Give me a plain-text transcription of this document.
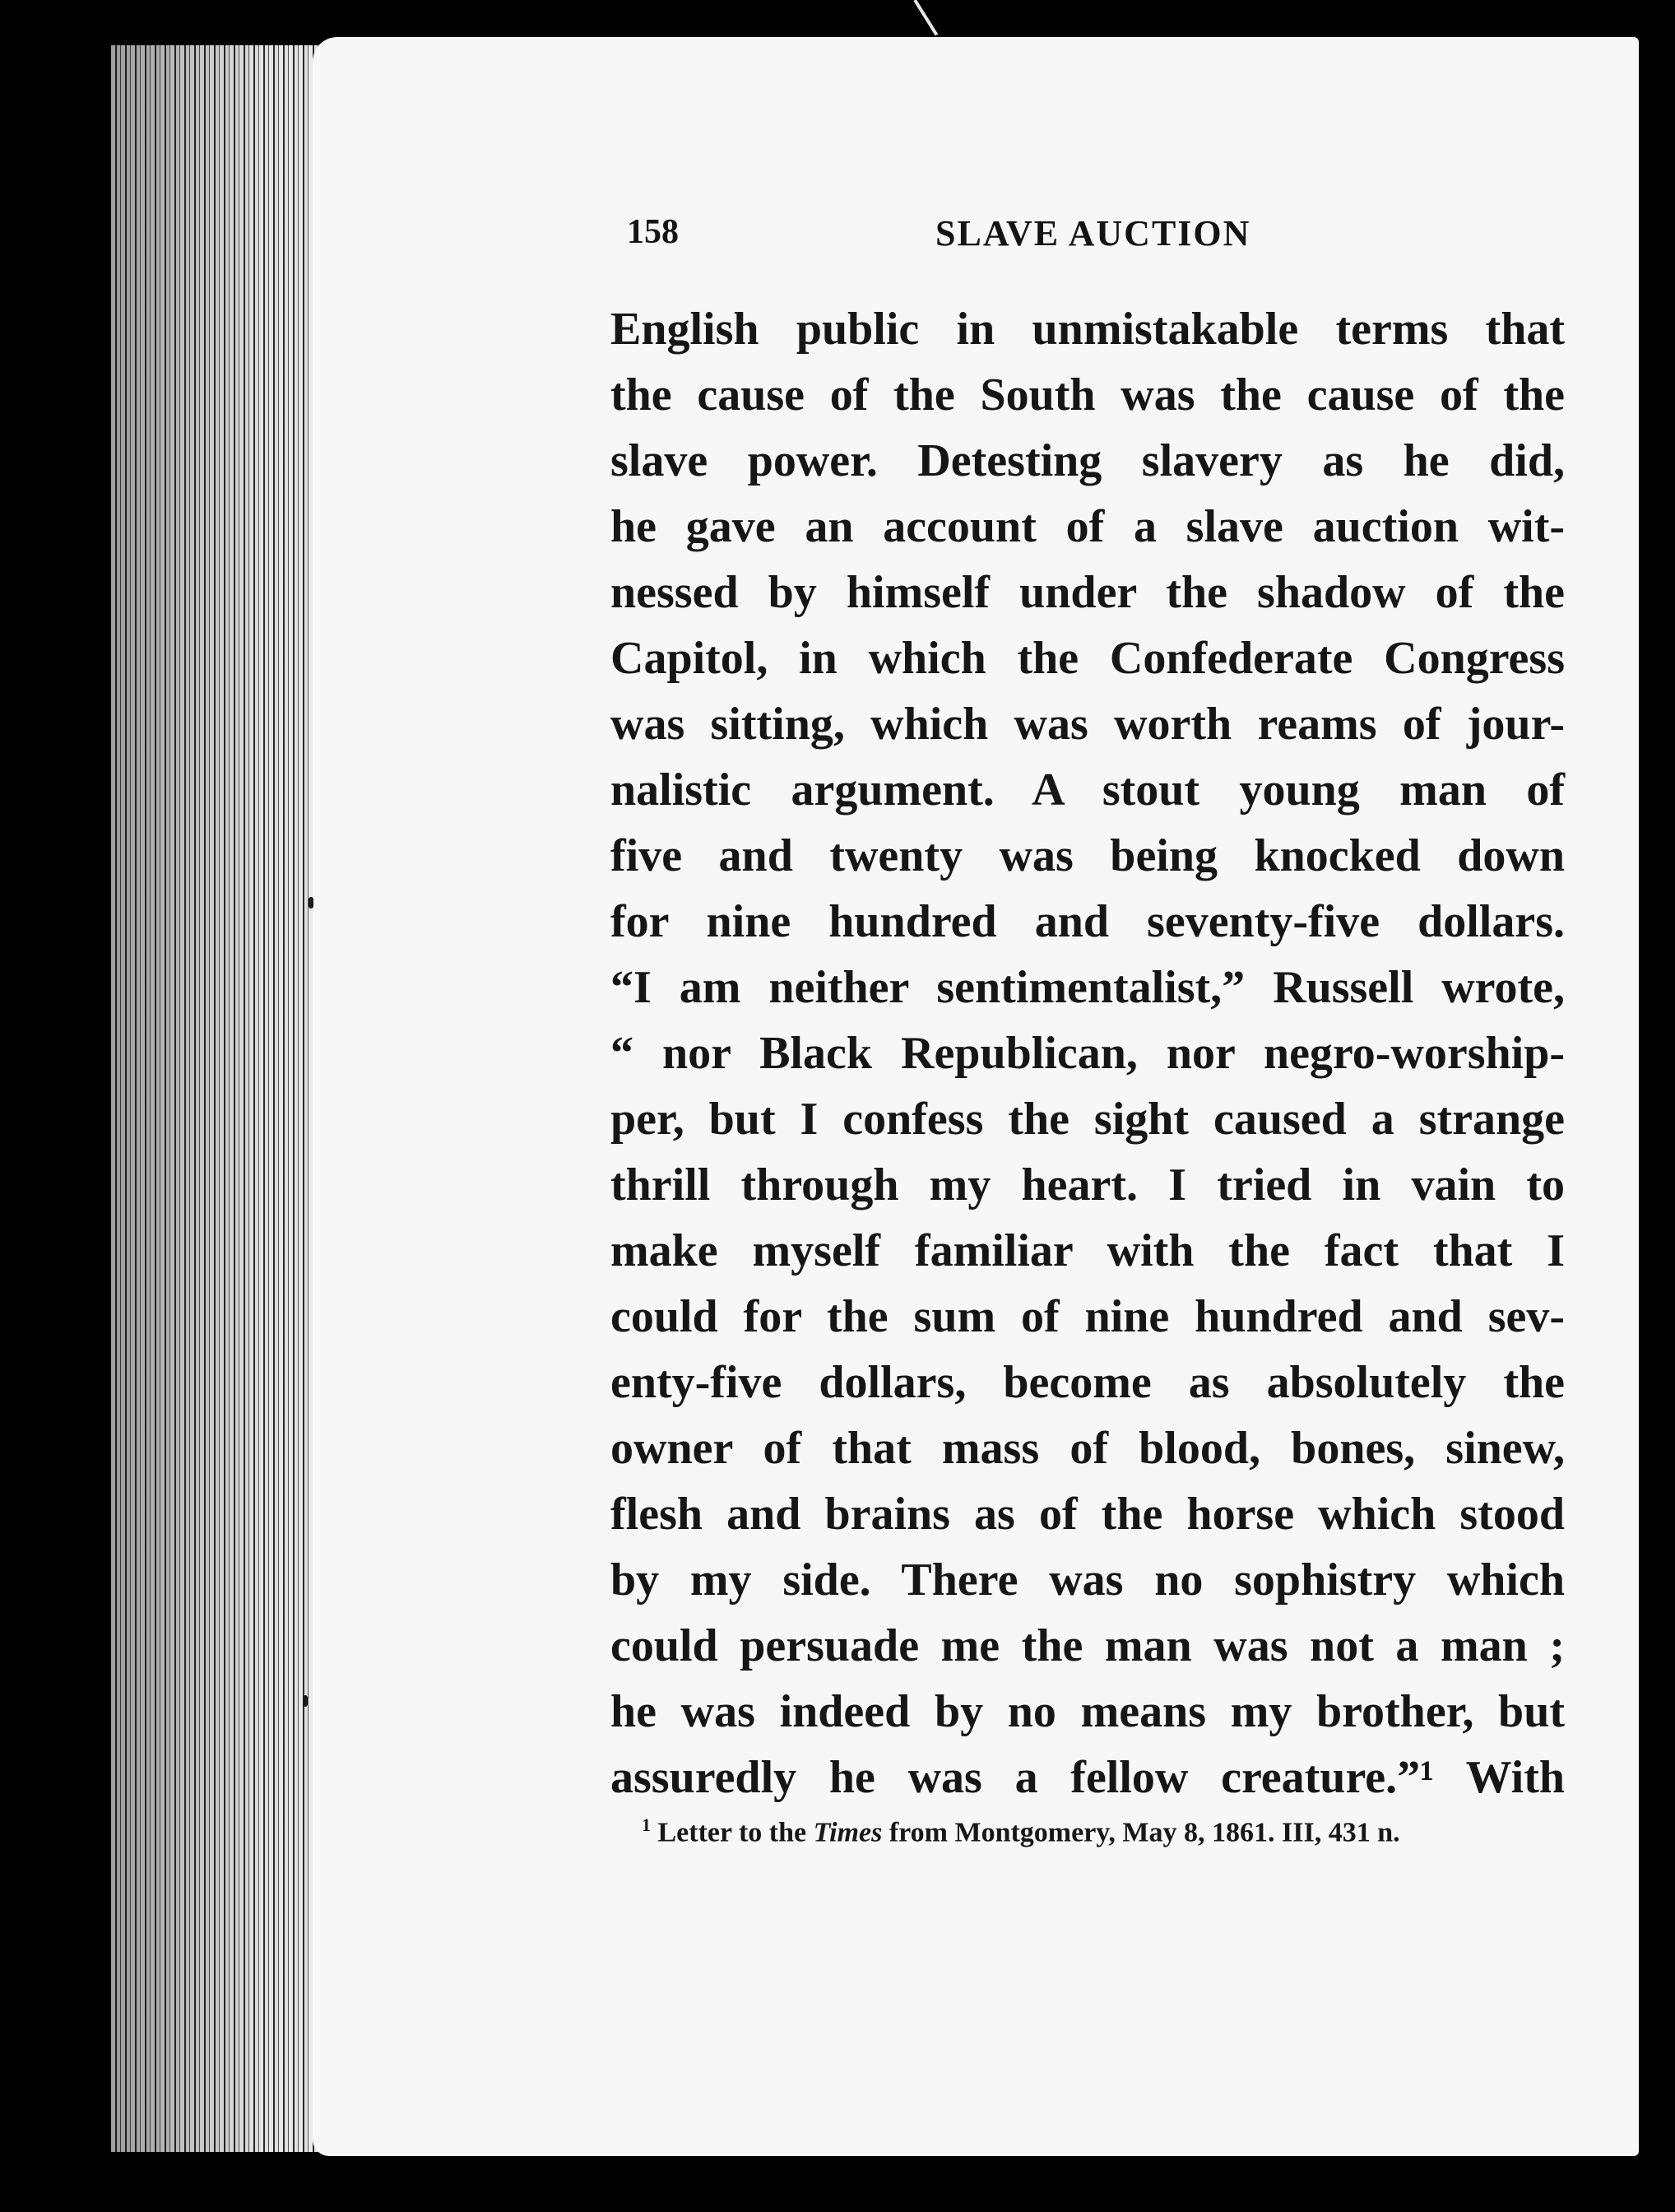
158	SLAVE AUCTION
English public in unmistakable terms that
the cause of the South was the cause of the
slave power. Detesting slavery as he did,
he gave an account of a slave auction wit-
nessed by himself under the shadow of the
Capitol, in which the Confederate Congress
was sitting, which was worth reams of jour-
nalistic argument. A stout young man of
five and twenty was being knocked down
for nine hundred and seventy-five dollars.
“I am neither sentimentalist,” Russell wrote,
“ nor Black Republican, nor negro-worship-
per, but I confess the sight caused a strange
thrill through my heart. I tried in vain to
make myself familiar with the fact that I
could for the sum of nine hundred and sev-
enty-five dollars, become as absolutely the
owner of that mass of blood, bones, sinew,
flesh and brains as of the horse which stood
by my side. There was no sophistry which
could persuade me the man was not a man ;
he was indeed by no means my brother, but
assuredly he was a fellow creature.”¹ With
$^1$ Letter to the Times from Montgomery, May 8, 1861. III, 431 n.
